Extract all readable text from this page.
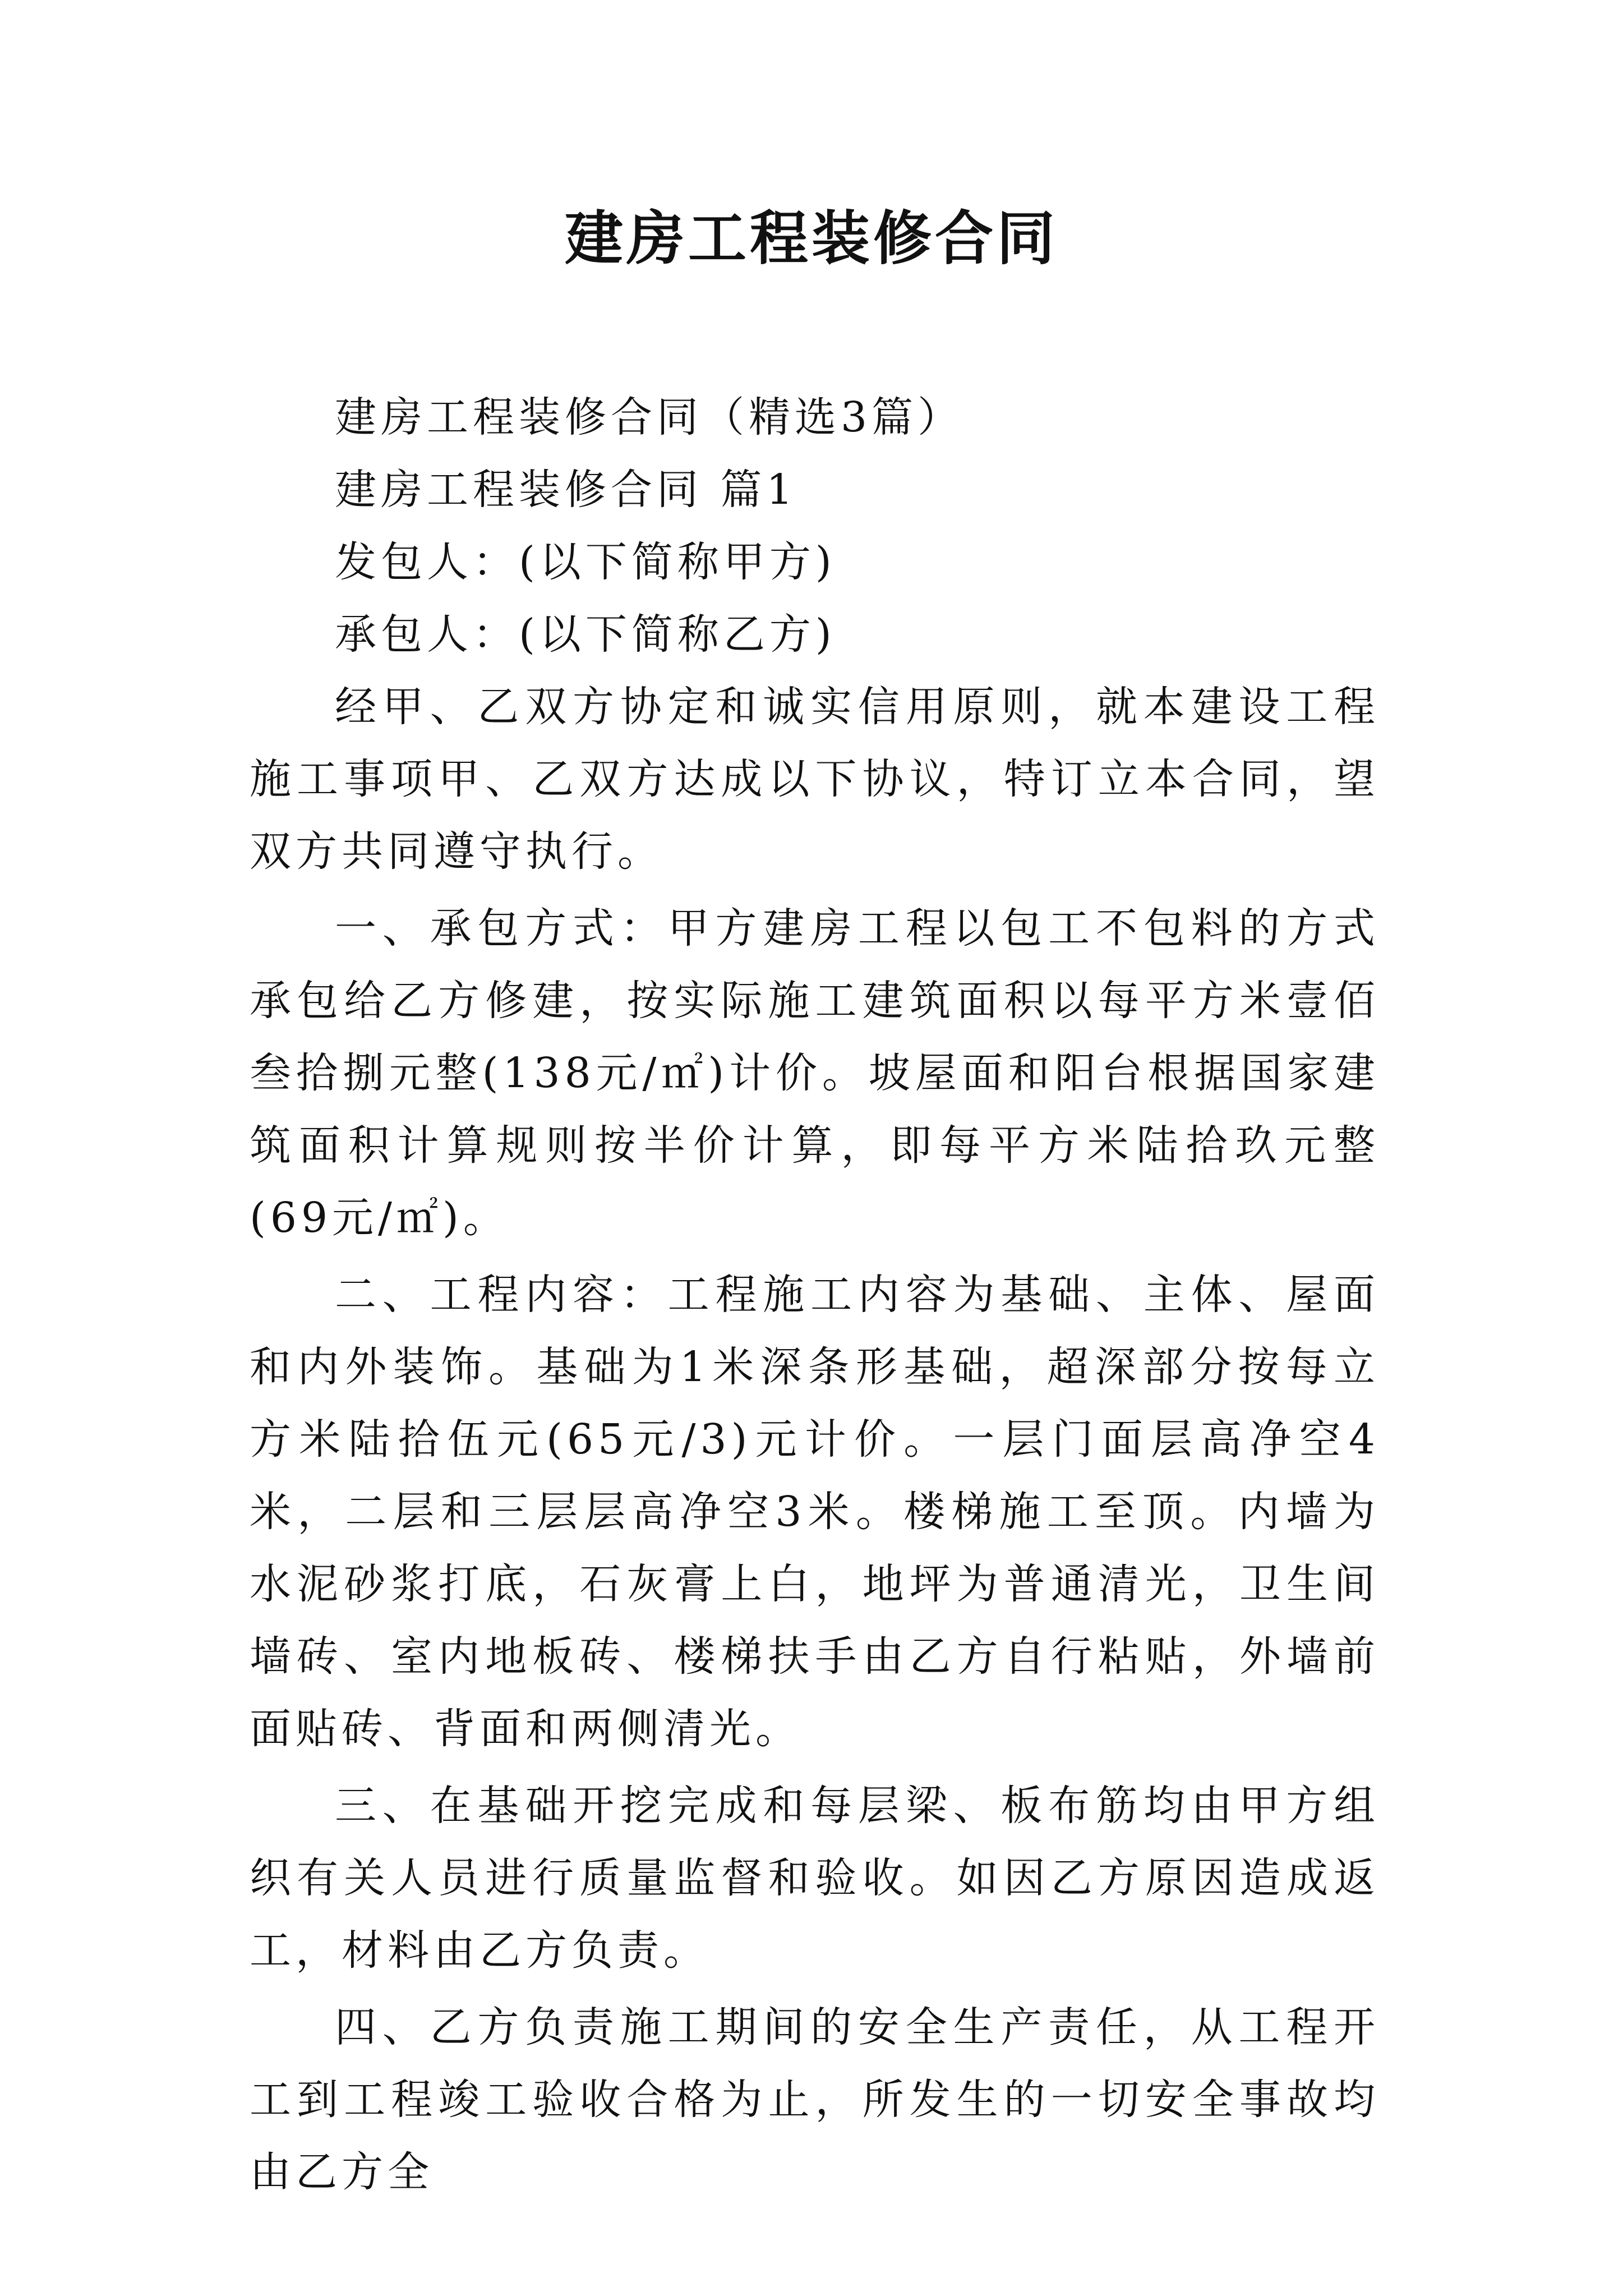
建房工程装修合同

建房工程装修合同（精选3篇）

建房工程装修合同 篇1

发包人：(以下简称甲方)

承包人：(以下简称乙方)

经甲、乙双方协定和诚实信用原则，就本建设工程施工事项甲、乙双方达成以下协议，特订立本合同，望双方共同遵守执行。

一、承包方式：甲方建房工程以包工不包料的方式承包给乙方修建，按实际施工建筑面积以每平方米壹佰叁拾捌元整(138元/㎡)计价。坡屋面和阳台根据国家建筑面积计算规则按半价计算，即每平方米陆拾玖元整(69元/㎡)。

二、工程内容：工程施工内容为基础、主体、屋面和内外装饰。基础为1米深条形基础，超深部分按每立方米陆拾伍元(65元/3)元计价。一层门面层高净空4米，二层和三层层高净空3米。楼梯施工至顶。内墙为水泥砂浆打底，石灰膏上白，地坪为普通清光，卫生间墙砖、室内地板砖、楼梯扶手由乙方自行粘贴，外墙前面贴砖、背面和两侧清光。

三、在基础开挖完成和每层梁、板布筋均由甲方组织有关人员进行质量监督和验收。如因乙方原因造成返工，材料由乙方负责。

四、乙方负责施工期间的安全生产责任，从工程开工到工程竣工验收合格为止，所发生的一切安全事故均由乙方全
